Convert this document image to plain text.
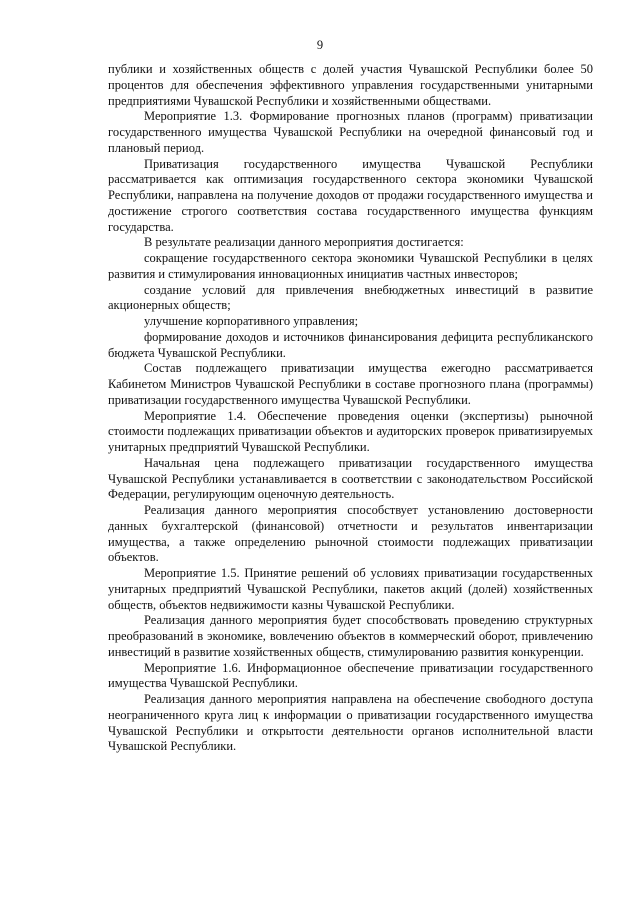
9

публики и хозяйственных обществ с долей участия Чувашской Республики более 50 процентов для обеспечения эффективного управления государственными унитарными предприятиями Чувашской Республики и хозяйственными обществами.

Мероприятие 1.3. Формирование прогнозных планов (программ) приватизации государственного имущества Чувашской Республики на очередной финансовый год и плановый период.

Приватизация государственного имущества Чувашской Республики рассматривается как оптимизация государственного сектора экономики Чувашской Республики, направлена на получение доходов от продажи государственного имущества и достижение строгого соответствия состава государственного имущества функциям государства.

В результате реализации данного мероприятия достигается:

сокращение государственного сектора экономики Чувашской Республики в целях развития и стимулирования инновационных инициатив частных инвесторов;

создание условий для привлечения внебюджетных инвестиций в развитие акционерных обществ;

улучшение корпоративного управления;

формирование доходов и источников финансирования дефицита республиканского бюджета Чувашской Республики.

Состав подлежащего приватизации имущества ежегодно рассматривается Кабинетом Министров Чувашской Республики в составе прогнозного плана (программы) приватизации государственного имущества Чувашской Республики.

Мероприятие 1.4. Обеспечение проведения оценки (экспертизы) рыночной стоимости подлежащих приватизации объектов и аудиторских проверок приватизируемых унитарных предприятий Чувашской Республики.

Начальная цена подлежащего приватизации государственного имущества Чувашской Республики устанавливается в соответствии с законодательством Российской Федерации, регулирующим оценочную деятельность.

Реализация данного мероприятия способствует установлению достоверности данных бухгалтерской (финансовой) отчетности и результатов инвентаризации имущества, а также определению рыночной стоимости подлежащих приватизации объектов.

Мероприятие 1.5. Принятие решений об условиях приватизации государственных унитарных предприятий Чувашской Республики, пакетов акций (долей) хозяйственных обществ, объектов недвижимости казны Чувашской Республики.

Реализация данного мероприятия будет способствовать проведению структурных преобразований в экономике, вовлечению объектов в коммерческий оборот, привлечению инвестиций в развитие хозяйственных обществ, стимулированию развития конкуренции.

Мероприятие 1.6. Информационное обеспечение приватизации государственного имущества Чувашской Республики.

Реализация данного мероприятия направлена на обеспечение свободного доступа неограниченного круга лиц к информации о приватизации государственного имущества Чувашской Республики и открытости деятельности органов исполнительной власти Чувашской Республики.
